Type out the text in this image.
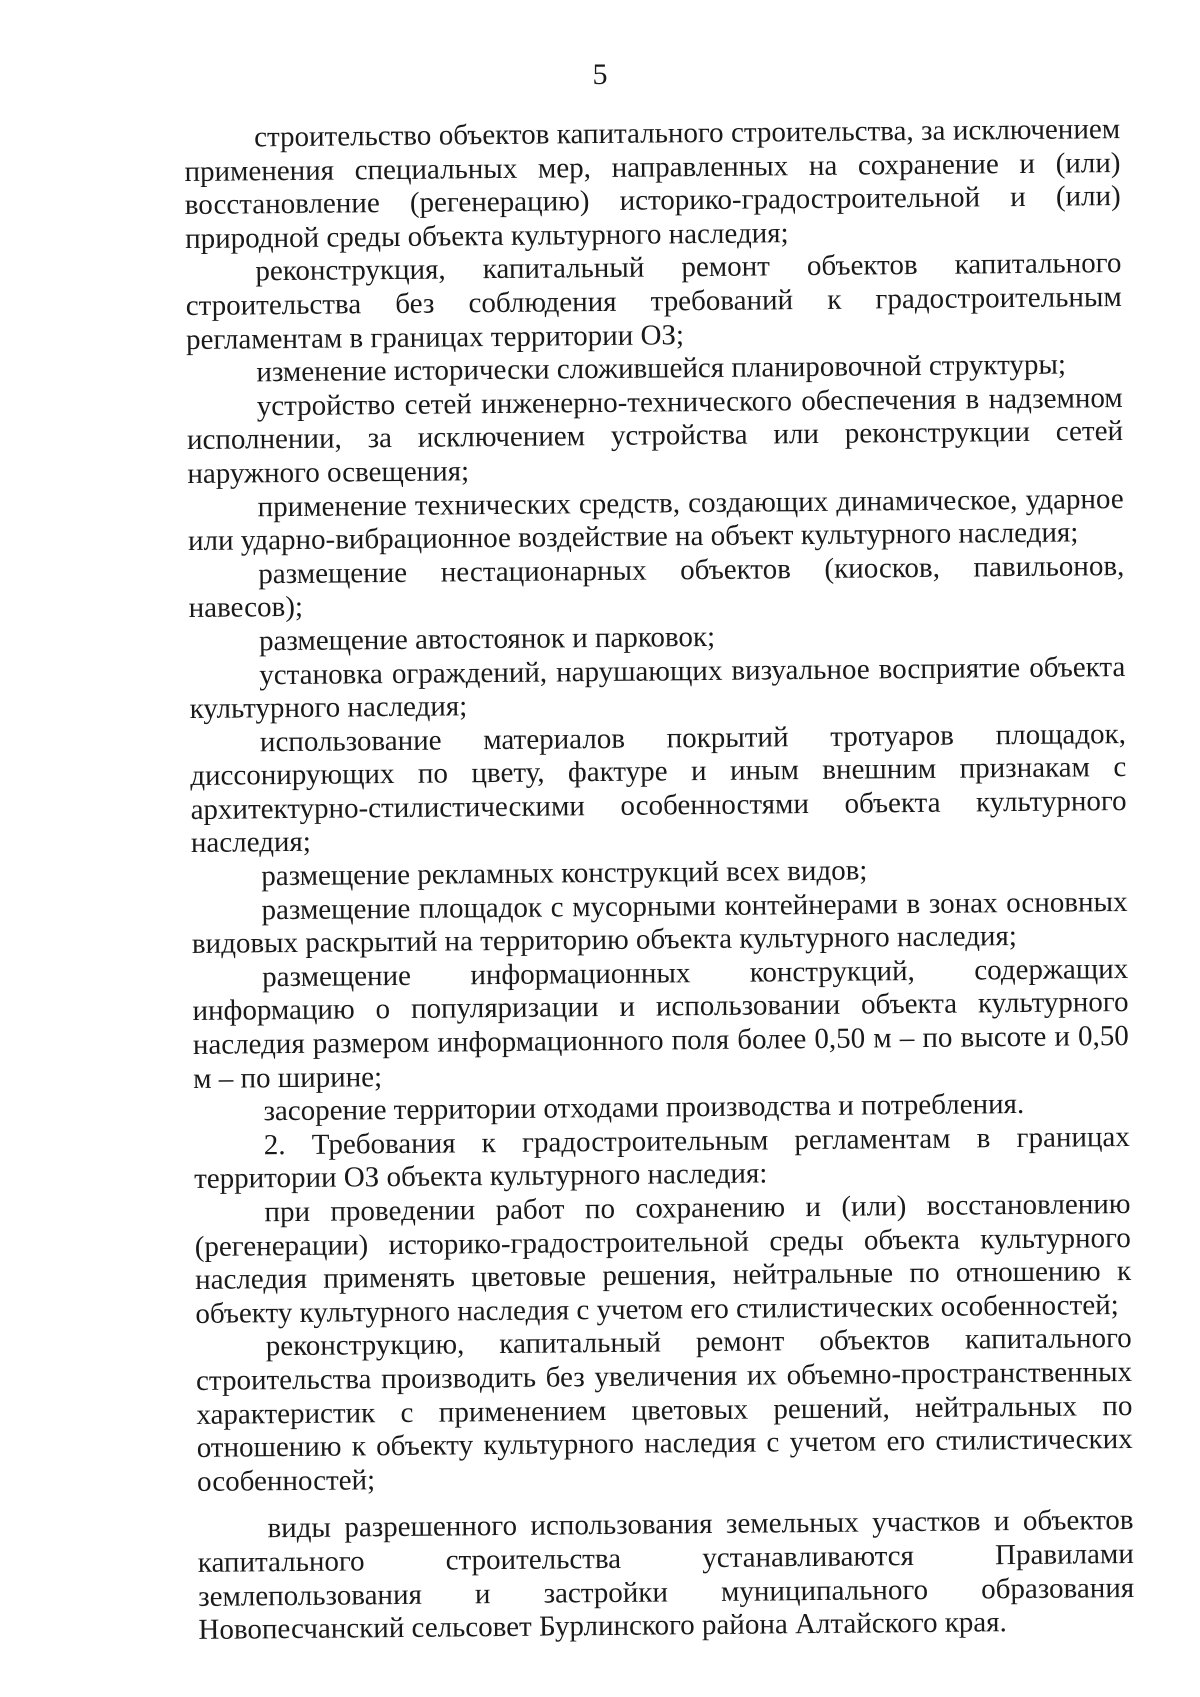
5

строительство объектов капитального строительства, за исключением применения специальных мер, направленных на сохранение и (или) восстановление (регенерацию) историко-градостроительной и (или) природной среды объекта культурного наследия;

реконструкция, капитальный ремонт объектов капитального строительства без соблюдения требований к градостроительным регламентам в границах территории ОЗ;

изменение исторически сложившейся планировочной структуры;

устройство сетей инженерно-технического обеспечения в надземном исполнении, за исключением устройства или реконструкции сетей наружного освещения;

применение технических средств, создающих динамическое, ударное или ударно-вибрационное воздействие на объект культурного наследия;

размещение нестационарных объектов (киосков, павильонов, навесов);

размещение автостоянок и парковок;

установка ограждений, нарушающих визуальное восприятие объекта культурного наследия;

использование материалов покрытий тротуаров площадок, диссонирующих по цвету, фактуре и иным внешним признакам с архитектурно-стилистическими особенностями объекта культурного наследия;

размещение рекламных конструкций всех видов;

размещение площадок с мусорными контейнерами в зонах основных видовых раскрытий на территорию объекта культурного наследия;

размещение информационных конструкций, содержащих информацию о популяризации и использовании объекта культурного наследия размером информационного поля более 0,50 м – по высоте и 0,50 м – по ширине;

засорение территории отходами производства и потребления.

2. Требования к градостроительным регламентам в границах территории ОЗ объекта культурного наследия:

при проведении работ по сохранению и (или) восстановлению (регенерации) историко-градостроительной среды объекта культурного наследия применять цветовые решения, нейтральные по отношению к объекту культурного наследия с учетом его стилистических особенностей;

реконструкцию, капитальный ремонт объектов капитального строительства производить без увеличения их объемно-пространственных характеристик с применением цветовых решений, нейтральных по отношению к объекту культурного наследия с учетом его стилистических особенностей;

виды разрешенного использования земельных участков и объектов капитального строительства устанавливаются Правилами землепользования и застройки муниципального образования Новопесчанский сельсовет Бурлинского района Алтайского края.
